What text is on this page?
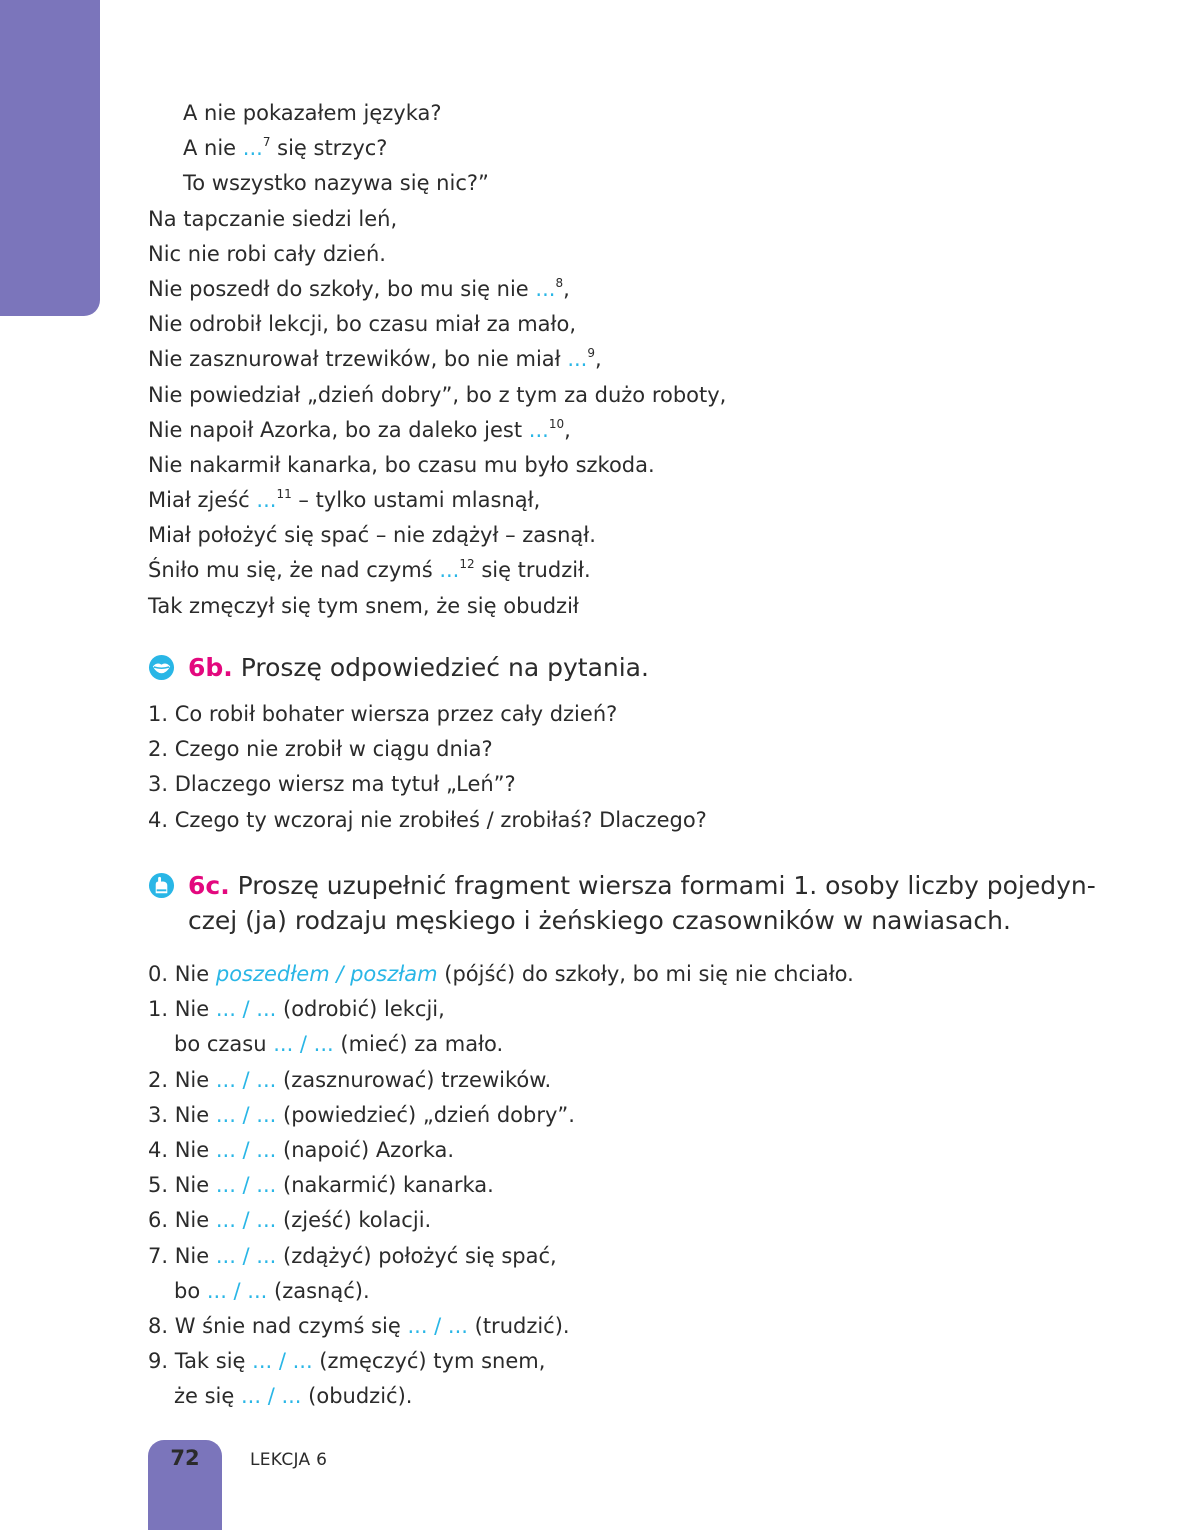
A nie pokazałem języka?
A nie ...$^7$ się strzyc?
To wszystko nazywa się nic?”
Na tapczanie siedzi leń,
Nic nie robi cały dzień.
Nie poszedł do szkoły, bo mu się nie ...$^8$,
Nie odrobił lekcji, bo czasu miał za mało,
Nie zasznurował trzewików, bo nie miał ...$^9$,
Nie powiedział „dzień dobry”, bo z tym za dużo roboty,
Nie napoił Azorka, bo za daleko jest ...$^{10}$,
Nie nakarmił kanarka, bo czasu mu było szkoda.
Miał zjeść ...$^{11}$ – tylko ustami mlasnął,
Miał położyć się spać – nie zdążył – zasnął.
Śniło mu się, że nad czymś ...$^{12}$ się trudził.
Tak zmęczył się tym snem, że się obudził
6b. Proszę odpowiedzieć na pytania.
1. Co robił bohater wiersza przez cały dzień?
2. Czego nie zrobił w ciągu dnia?
3. Dlaczego wiersz ma tytuł „Leń”?
4. Czego ty wczoraj nie zrobiłeś / zrobiłaś? Dlaczego?
6c. Proszę uzupełnić fragment wiersza formami 1. osoby liczby pojedyn-
czej (ja) rodzaju męskiego i żeńskiego czasowników w nawiasach.
0. Nie poszedłem / poszłam (pójść) do szkoły, bo mi się nie chciało.
1. Nie ... / ... (odrobić) lekcji,
bo czasu ... / ... (mieć) za mało.
2. Nie ... / ... (zasznurować) trzewików.
3. Nie ... / ... (powiedzieć) „dzień dobry”.
4. Nie ... / ... (napoić) Azorka.
5. Nie ... / ... (nakarmić) kanarka.
6. Nie ... / ... (zjeść) kolacji.
7. Nie ... / ... (zdążyć) położyć się spać,
bo ... / ... (zasnąć).
8. W śnie nad czymś się ... / ... (trudzić).
9. Tak się ... / ... (zmęczyć) tym snem,
że się ... / ... (obudzić).
72	LEKCJA 6
